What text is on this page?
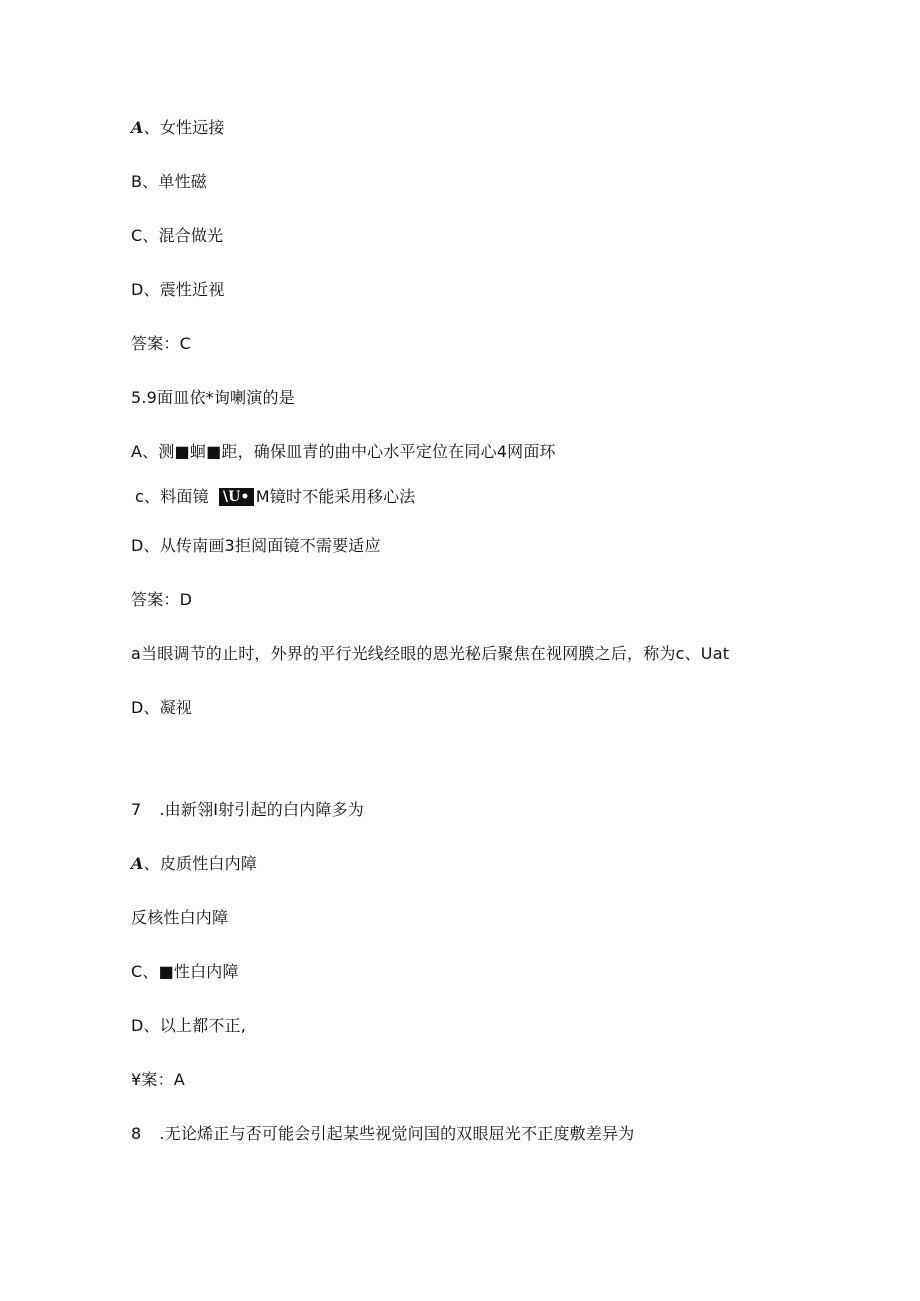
A、女性远接
B、单性磁
C、混合做光
D、震性近视
答案：C
5.9面皿依*询喇演的是
A、测■蛔■距，确保皿青的曲中心水平定位在同心4网面环
c、料面镜 \U• M镜时不能采用移心法
D、从传南画3拒阅面镜不需要适应
答案：D
a当眼调节的止时，外界的平行光线经眼的恩光秘后聚焦在视网膜之后，称为c、Uat
D、凝视
7 .由新翎I射引起的白内障多为
A、皮质性白内障
反核性白内障
C、■性白内障
D、以上都不正,
¥案：A
8 .无论烯正与否可能会引起某些视觉问国的双眼屈光不正度敷差异为
